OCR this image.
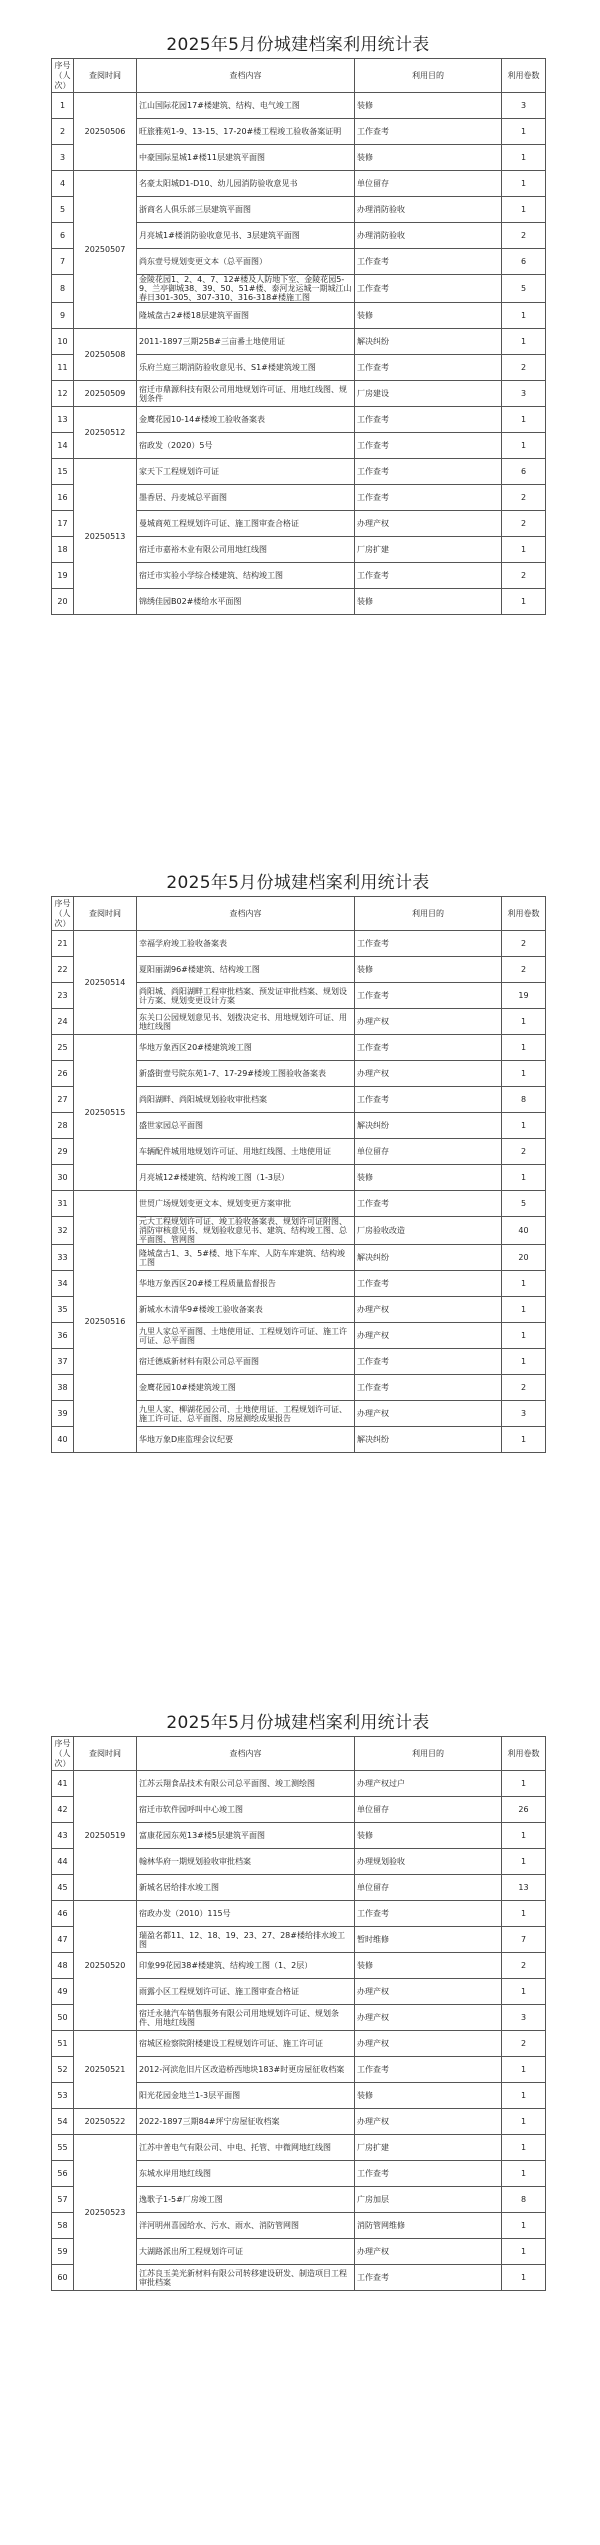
2025年5月份城建档案利用统计表
序号（人次）	查阅时间	查档内容	利用目的	利用卷数
1	20250506	江山国际花园17#楼建筑、结构、电气竣工图	装修	3
2		旺旅雅苑1-9、13-15、17-20#楼工程竣工验收备案证明	工作查考	1
3		中豪国际星城1#楼11层建筑平面图	装修	1
4	20250507	名豪太阳城D1-D10、幼儿园消防验收意见书	单位留存	1
5		浙商名人俱乐部三层建筑平面图	办理消防验收	1
6		月亮城1#楼消防验收意见书、3层建筑平面图	办理消防验收	2
7		尚东壹号规划变更文本（总平面图）	工作查考	6
8		金陵花园1、2、4、7、12#楼及人防地下室、金陵花园5-9、兰亭御城38、39、50、51#楼、泰河龙运城一期城江山春日301-305、307-310、316-318#楼施工图	工作查考	5
9		隆城盘古2#楼18层建筑平面图	装修	1
10	20250508	2011-1897三期25B#三亩番土地使用证	解决纠纷	1
11		乐府兰庭三期消防验收意见书、S1#楼建筑竣工图	工作查考	2
12	20250509	宿迁市鼎源科技有限公司用地规划许可证、用地红线图、规划条件	厂房建设	3
13	20250512	金鹰花园10-14#楼竣工验收备案表	工作查考	1
14		宿政发（2020）5号	工作查考	1
15	20250513	家天下工程规划许可证	工作查考	6
16		墨香居、丹麦城总平面图	工作查考	2
17		曼城商苑工程规划许可证、施工图审查合格证	办理产权	2
18		宿迁市嘉裕木业有限公司用地红线图	厂房扩建	1
19		宿迁市实验小学综合楼建筑、结构竣工图	工作查考	2
20		锦绣佳园B02#楼给水平面图	装修	1
2025年5月份城建档案利用统计表
序号（人次）	查阅时间	查档内容	利用目的	利用卷数
21	20250514	幸福学府竣工验收备案表	工作查考	2
22		夏阳丽湖96#楼建筑、结构竣工图	装修	2
23		尚阳城、尚阳湖畔工程审批档案、预发证审批档案、规划设计方案、规划变更设计方案	工作查考	19
24		东关口公园规划意见书、划拨决定书、用地规划许可证、用地红线图	办理产权	1
25	20250515	华地万象西区20#楼建筑竣工图	工作查考	1
26		新盛街壹号院东苑1-7、17-29#楼竣工图验收备案表	办理产权	1
27		尚阳湖畔、尚阳城规划验收审批档案	工作查考	8
28		盛世家园总平面图	解决纠纷	1
29		车辆配件城用地规划许可证、用地红线图、土地使用证	单位留存	2
30		月亮城12#楼建筑、结构竣工图（1-3层）	装修	1
31	20250516	世贸广场规划变更文本、规划变更方案审批	工作查考	5
32		元大工程规划许可证、竣工验收备案表、规划许可证附图、消防审核意见书、规划验收意见书、建筑、结构竣工图、总平面图、管网图	厂房验收改造	40
33		隆城盘古1、3、5#楼、地下车库、人防车库建筑、结构竣工图	解决纠纷	20
34		华地万象西区20#楼工程质量监督报告	工作查考	1
35		新城水木清华9#楼竣工验收备案表	办理产权	1
36		九里人家总平面图、土地使用证、工程规划许可证、施工许可证、总平面图	办理产权	1
37		宿迁德威新材料有限公司总平面图	工作查考	1
38		金鹰花园10#楼建筑竣工图	工作查考	2
39		九里人家、柳湖花园公司、土地使用证、工程规划许可证、施工许可证、总平面图、房屋测绘成果报告	办理产权	3
40		华地万象D座监理会议纪要	解决纠纷	1
2025年5月份城建档案利用统计表
序号（人次）	查阅时间	查档内容	利用目的	利用卷数
41	20250519	江苏云翔食品技术有限公司总平面图、竣工测绘图	办理产权过户	1
42		宿迁市软件园呼叫中心竣工图	单位留存	26
43		富康花园东苑13#楼5层建筑平面图	装修	1
44		翰林华府一期规划验收审批档案	办理规划验收	1
45		新城名居给排水竣工图	单位留存	13
46	20250520	宿政办发（2010）115号	工作查考	1
47		瑞盈名都11、12、18、19、23、27、28#楼给排水竣工图	暂时维修	7
48		印象99花园38#楼建筑、结构竣工图（1、2层）	装修	2
49		雨露小区工程规划许可证、施工图审查合格证	办理产权	1
50		宿迁永驰汽车销售服务有限公司用地规划许可证、规划条件、用地红线图	办理产权	3
51	20250521	宿城区检察院附楼建设工程规划许可证、施工许可证	办理产权	2
52		2012-河滨危旧片区改造桥西地块183#时更房屋征收档案	工作查考	1
53		阳光花园金地兰1-3层平面图	装修	1
54	20250522	2022-1897三期84#坪宁房屋征收档案	办理产权	1
55	20250523	江苏中普电气有限公司、中电、托管、中微网地红线图	厂房扩建	1
56		东城水岸用地红线图	工作查考	1
57		逸歌子1-5#厂房竣工图	广房加层	8
58		洋河明州喜园给水、污水、雨水、消防管网图	消防管网维修	1
59		大湖路派出所工程规划许可证	办理产权	1
60		江苏良玉美光新材料有限公司转移建设研发、制造项目工程审批档案	工作查考	1
